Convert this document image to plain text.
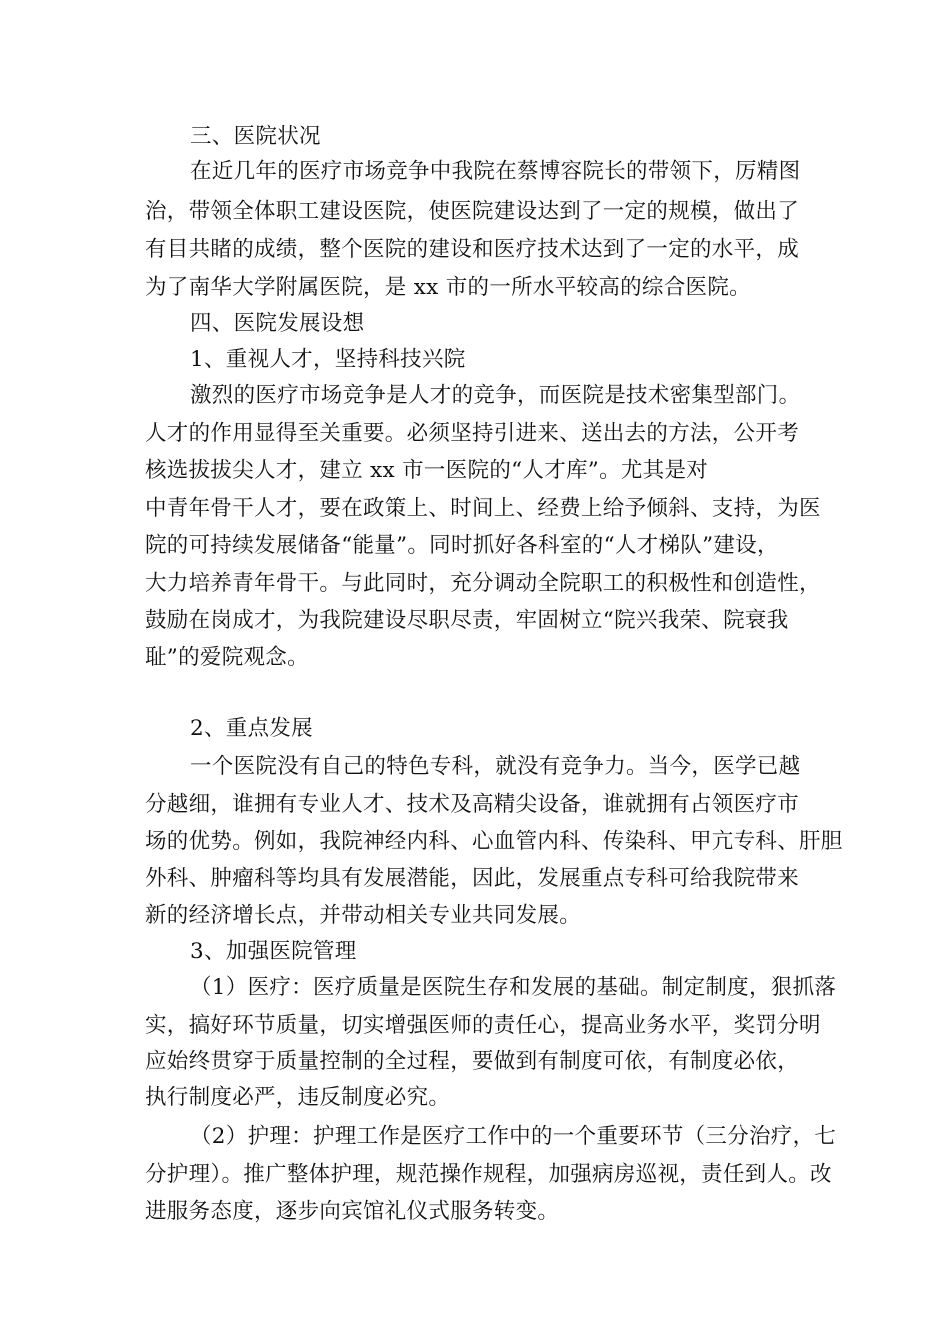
三、医院状况
在近几年的医疗市场竞争中我院在蔡博容院长的带领下，厉精图
治，带领全体职工建设医院，使医院建设达到了一定的规模，做出了
有目共睹的成绩，整个医院的建设和医疗技术达到了一定的水平，成
为了南华大学附属医院，是 xx 市的一所水平较高的综合医院。
四、医院发展设想
1、重视人才，坚持科技兴院
激烈的医疗市场竞争是人才的竞争，而医院是技术密集型部门。
人才的作用显得至关重要。必须坚持引进来、送出去的方法，公开考
核选拔拔尖人才，建立 xx 市一医院的“人才库”。尤其是对
中青年骨干人才，要在政策上、时间上、经费上给予倾斜、支持，为医
院的可持续发展储备“能量”。同时抓好各科室的“人才梯队”建设，
大力培养青年骨干。与此同时，充分调动全院职工的积极性和创造性，
鼓励在岗成才，为我院建设尽职尽责，牢固树立“院兴我荣、院衰我
耻”的爱院观念。
2、重点发展
一个医院没有自己的特色专科，就没有竞争力。当今，医学已越
分越细，谁拥有专业人才、技术及高精尖设备，谁就拥有占领医疗市
场的优势。例如，我院神经内科、心血管内科、传染科、甲亢专科、肝胆
外科、肿瘤科等均具有发展潜能，因此，发展重点专科可给我院带来
新的经济增长点，并带动相关专业共同发展。
3、加强医院管理
（1）医疗：医疗质量是医院生存和发展的基础。制定制度，狠抓落
实，搞好环节质量，切实增强医师的责任心，提高业务水平，奖罚分明
应始终贯穿于质量控制的全过程，要做到有制度可依，有制度必依，
执行制度必严，违反制度必究。
（2）护理：护理工作是医疗工作中的一个重要环节（三分治疗，七
分护理）。推广整体护理，规范操作规程，加强病房巡视，责任到人。改
进服务态度，逐步向宾馆礼仪式服务转变。
